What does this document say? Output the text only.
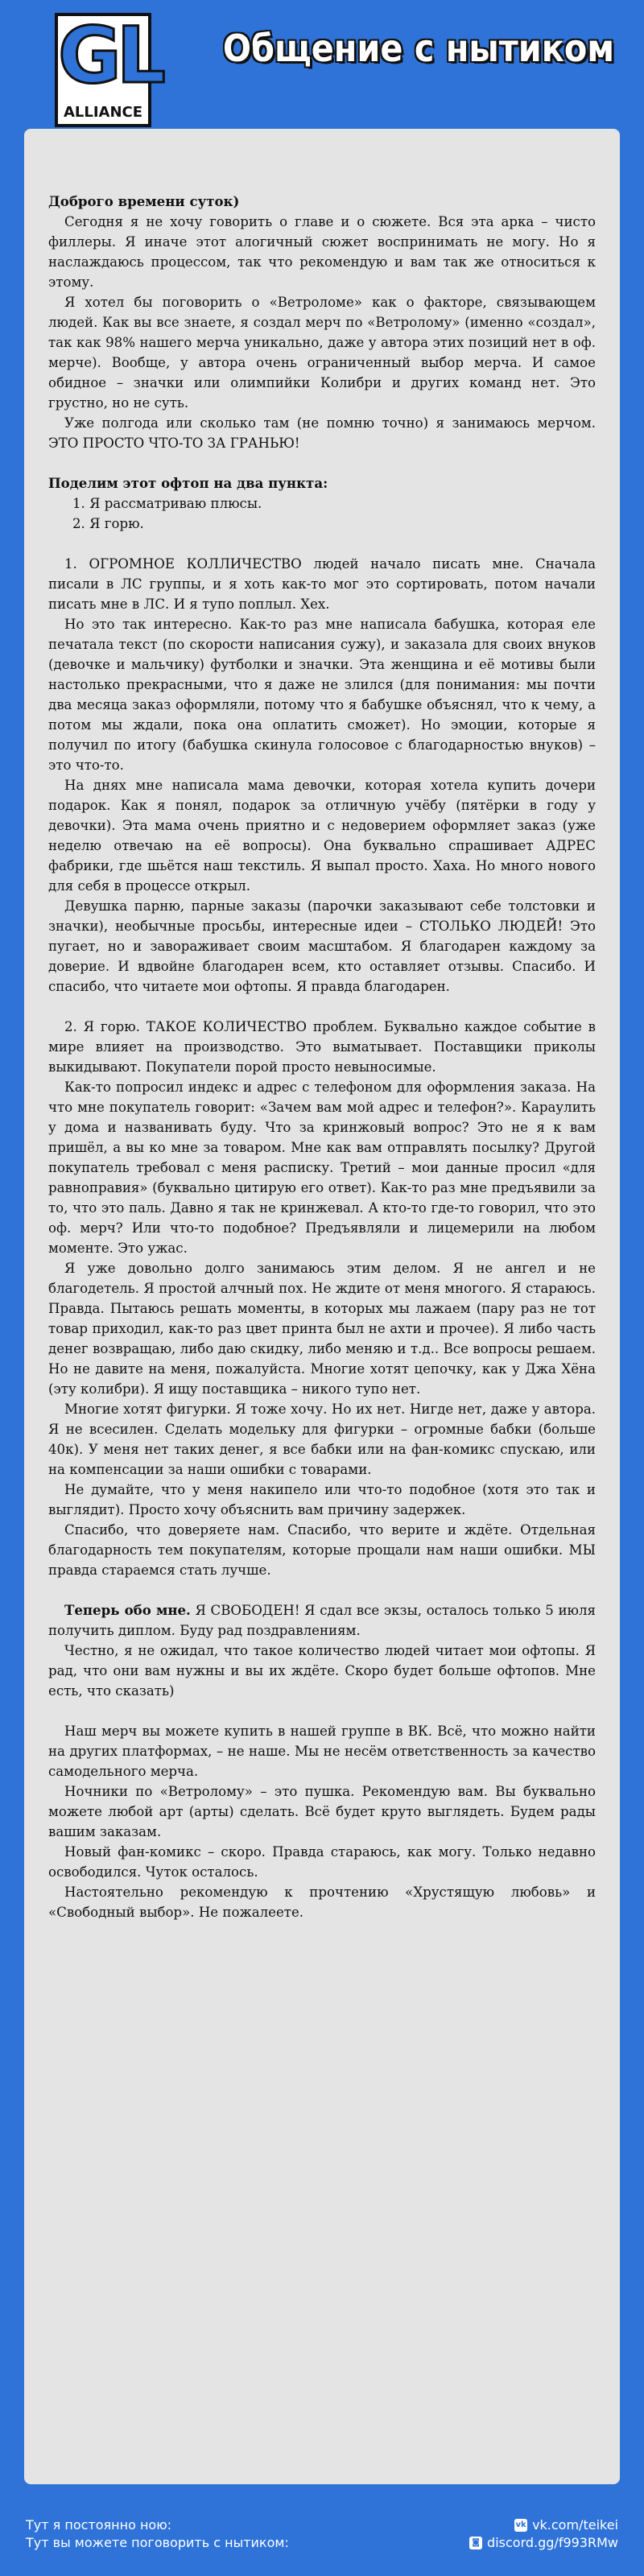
GL
ALLIANCE
Общение с нытиком

Доброго времени суток)

Сегодня я не хочу говорить о главе и о сюжете. Вся эта арка – чисто филлеры. Я иначе этот алогичный сюжет воспринимать не могу. Но я наслаждаюсь процессом, так что рекомендую и вам так же относиться к этому.

Я хотел бы поговорить о «Ветроломе» как о факторе, связывающем людей. Как вы все знаете, я создал мерч по «Ветролому» (именно «создал», так как 98% нашего мерча уникально, даже у автора этих позиций нет в оф. мерче). Вообще, у автора очень ограниченный выбор мерча. И самое обидное – значки или олимпийки Колибри и других команд нет. Это грустно, но не суть.

Уже полгода или сколько там (не помню точно) я занимаюсь мерчом. ЭТО ПРОСТО ЧТО-ТО ЗА ГРАНЬЮ!

Поделим этот офтоп на два пункта:

1. Я рассматриваю плюсы.

2. Я горю.

1. ОГРОМНОЕ КОЛЛИЧЕСТВО людей начало писать мне. Сначала писали в ЛС группы, и я хоть как-то мог это сортировать, потом начали писать мне в ЛС. И я тупо поплыл. Хех.

Но это так интересно. Как-то раз мне написала бабушка, которая еле печатала текст (по скорости написания сужу), и заказала для своих внуков (девочке и мальчику) футболки и значки. Эта женщина и её мотивы были настолько прекрасными, что я даже не злился (для понимания: мы почти два месяца заказ оформляли, потому что я бабушке объяснял, что к чему, а потом мы ждали, пока она оплатить сможет). Но эмоции, которые я получил по итогу (бабушка скинула голосовое с благодарностью внуков) – это что-то.

На днях мне написала мама девочки, которая хотела купить дочери подарок. Как я понял, подарок за отличную учёбу (пятёрки в году у девочки). Эта мама очень приятно и с недоверием оформляет заказ (уже неделю отвечаю на её вопросы). Она буквально спрашивает АДРЕС фабрики, где шьётся наш текстиль. Я выпал просто. Хаха. Но много нового для себя в процессе открыл.

Девушка парню, парные заказы (парочки заказывают себе толстовки и значки), необычные просьбы, интересные идеи – СТОЛЬКО ЛЮДЕЙ! Это пугает, но и завораживает своим масштабом. Я благодарен каждому за доверие. И вдвойне благодарен всем, кто оставляет отзывы. Спасибо. И спасибо, что читаете мои офтопы. Я правда благодарен.

2. Я горю. ТАКОЕ КОЛИЧЕСТВО проблем. Буквально каждое событие в мире влияет на производство. Это выматывает. Поставщики приколы выкидывают. Покупатели порой просто невыносимые.

Как-то попросил индекс и адрес с телефоном для оформления заказа. На что мне покупатель говорит: «Зачем вам мой адрес и телефон?». Караулить у дома и названивать буду. Что за кринжовый вопрос? Это не я к вам пришёл, а вы ко мне за товаром. Мне как вам отправлять посылку? Другой покупатель требовал с меня расписку. Третий – мои данные просил «для равноправия» (буквально цитирую его ответ). Как-то раз мне предъявили за то, что это паль. Давно я так не кринжевал. А кто-то где-то говорил, что это оф. мерч? Или что-то подобное? Предъявляли и лицемерили на любом моменте. Это ужас.

Я уже довольно долго занимаюсь этим делом. Я не ангел и не благодетель. Я простой алчный пох. Не ждите от меня многого. Я стараюсь. Правда. Пытаюсь решать моменты, в которых мы лажаем (пару раз не тот товар приходил, как-то раз цвет принта был не ахти и прочее). Я либо часть денег возвращаю, либо даю скидку, либо меняю и т.д.. Все вопросы решаем. Но не давите на меня, пожалуйста. Многие хотят цепочку, как у Джа Хёна (эту колибри). Я ищу поставщика – никого тупо нет.

Многие хотят фигурки. Я тоже хочу. Но их нет. Нигде нет, даже у автора. Я не всесилен. Сделать модельку для фигурки – огромные бабки (больше 40к). У меня нет таких денег, я все бабки или на фан-комикс спускаю, или на компенсации за наши ошибки с товарами.

Не думайте, что у меня накипело или что-то подобное (хотя это так и выглядит). Просто хочу объяснить вам причину задержек.

Спасибо, что доверяете нам. Спасибо, что верите и ждёте. Отдельная благодарность тем покупателям, которые прощали нам наши ошибки. МЫ правда стараемся стать лучше.

Теперь обо мне. Я СВОБОДЕН! Я сдал все экзы, осталось только 5 июля получить диплом. Буду рад поздравлениям.

Честно, я не ожидал, что такое количество людей читает мои офтопы. Я рад, что они вам нужны и вы их ждёте. Скоро будет больше офтопов. Мне есть, что сказать)

Наш мерч вы можете купить в нашей группе в ВК. Всё, что можно найти на других платформах, – не наше. Мы не несём ответственность за качество самодельного мерча.

Ночники по «Ветролому» – это пушка. Рекомендую вам. Вы буквально можете любой арт (арты) сделать. Всё будет круто выглядеть. Будем рады вашим заказам.

Новый фан-комикс – скоро. Правда стараюсь, как могу. Только недавно освободился. Чуток осталось.

Настоятельно рекомендую к прочтению «Хрустящую любовь» и «Свободный выбор». Не пожалеете.

Тут я постоянно ною:
Тут вы можете поговорить с нытиком:
vk vk.com/teikei
◙ discord.gg/f993RMw
